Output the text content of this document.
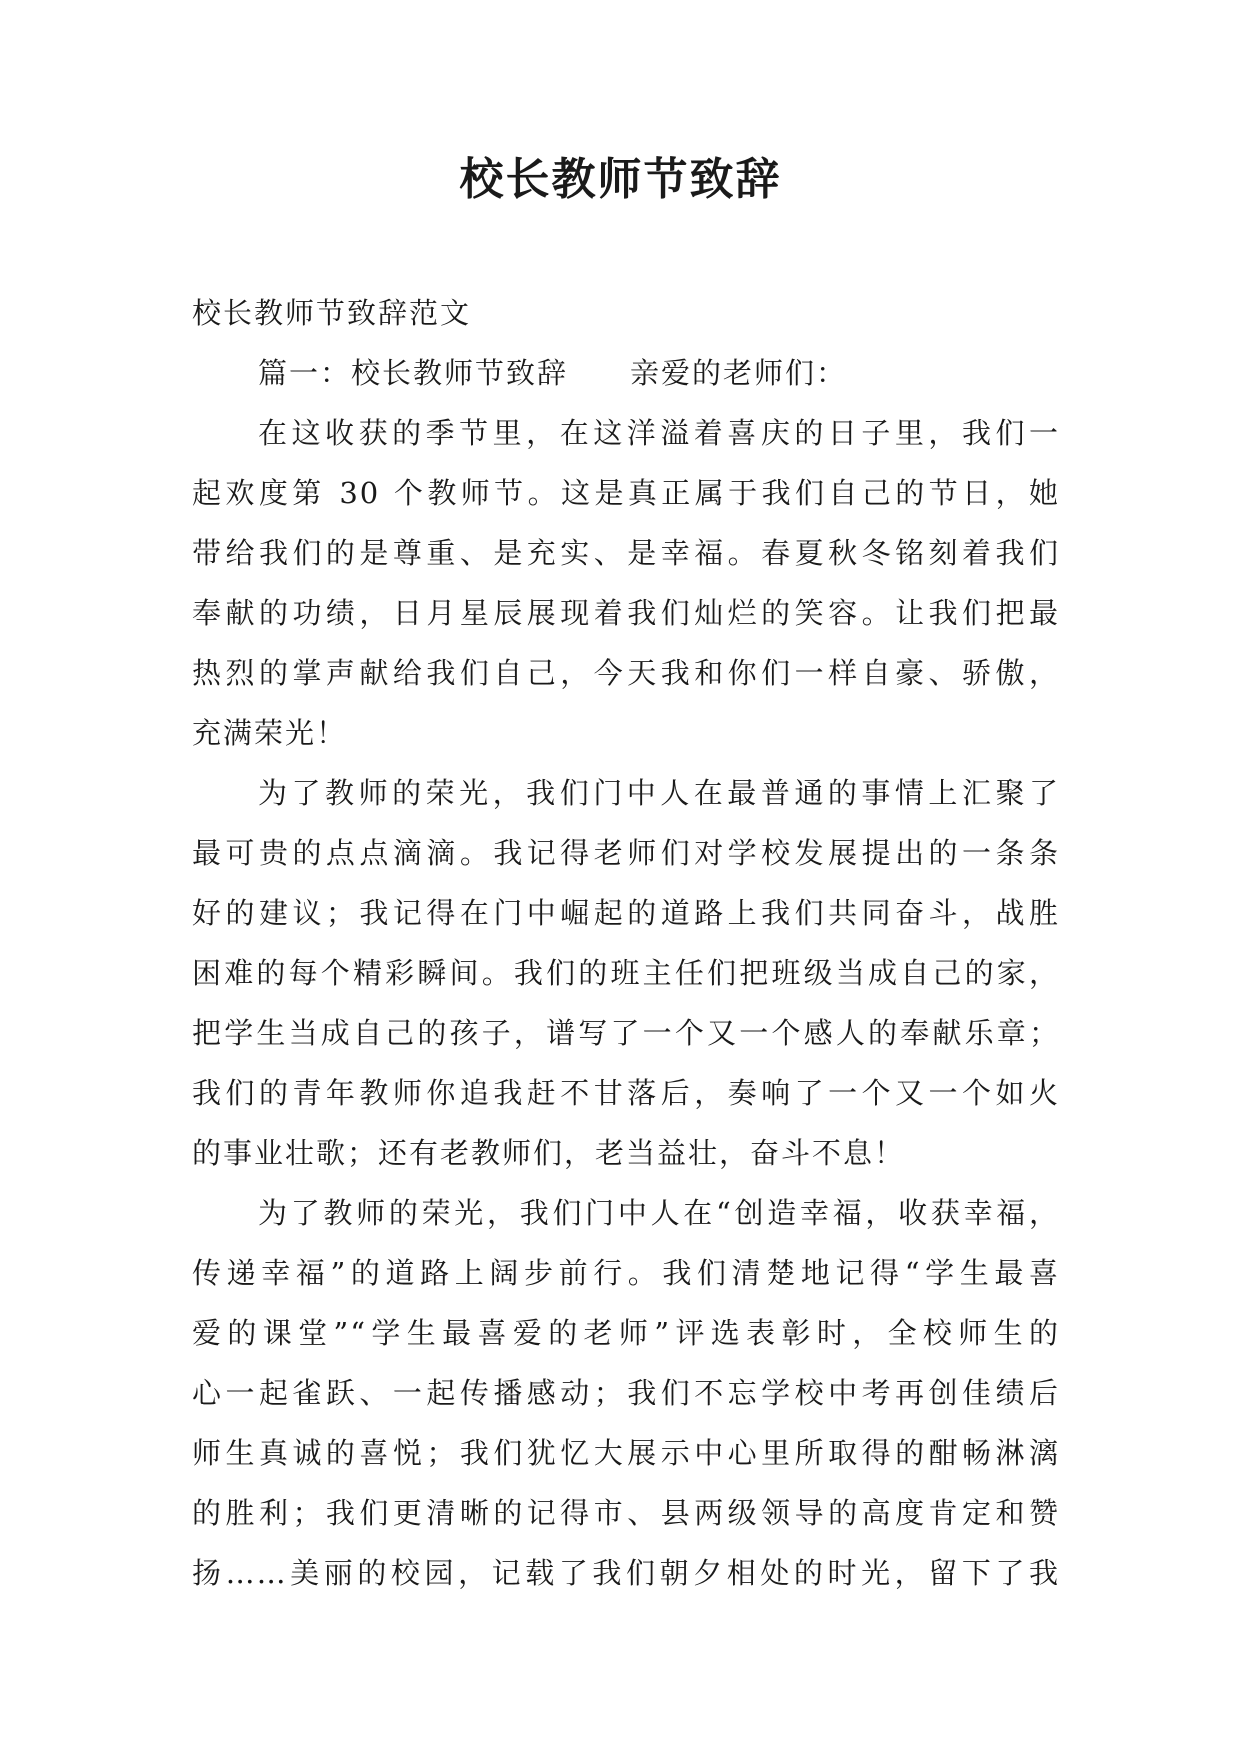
校长教师节致辞
校长教师节致辞范文
篇一：校长教师节致辞　　亲爱的老师们：
在这收获的季节里，在这洋溢着喜庆的日子里，我们一
起欢度第 30 个教师节。这是真正属于我们自己的节日，她
带给我们的是尊重、是充实、是幸福。春夏秋冬铭刻着我们
奉献的功绩，日月星辰展现着我们灿烂的笑容。让我们把最
热烈的掌声献给我们自己，今天我和你们一样自豪、骄傲，
充满荣光！
为了教师的荣光，我们门中人在最普通的事情上汇聚了
最可贵的点点滴滴。我记得老师们对学校发展提出的一条条
好的建议；我记得在门中崛起的道路上我们共同奋斗，战胜
困难的每个精彩瞬间。我们的班主任们把班级当成自己的家，
把学生当成自己的孩子，谱写了一个又一个感人的奉献乐章；
我们的青年教师你追我赶不甘落后，奏响了一个又一个如火
的事业壮歌；还有老教师们，老当益壮，奋斗不息！
为了教师的荣光，我们门中人在“创造幸福，收获幸福，
传递幸福”的道路上阔步前行。我们清楚地记得“学生最喜
爱的课堂”“学生最喜爱的老师”评选表彰时，全校师生的
心一起雀跃、一起传播感动；我们不忘学校中考再创佳绩后
师生真诚的喜悦；我们犹忆大展示中心里所取得的酣畅淋漓
的胜利；我们更清晰的记得市、县两级领导的高度肯定和赞
扬……美丽的校园，记载了我们朝夕相处的时光，留下了我
